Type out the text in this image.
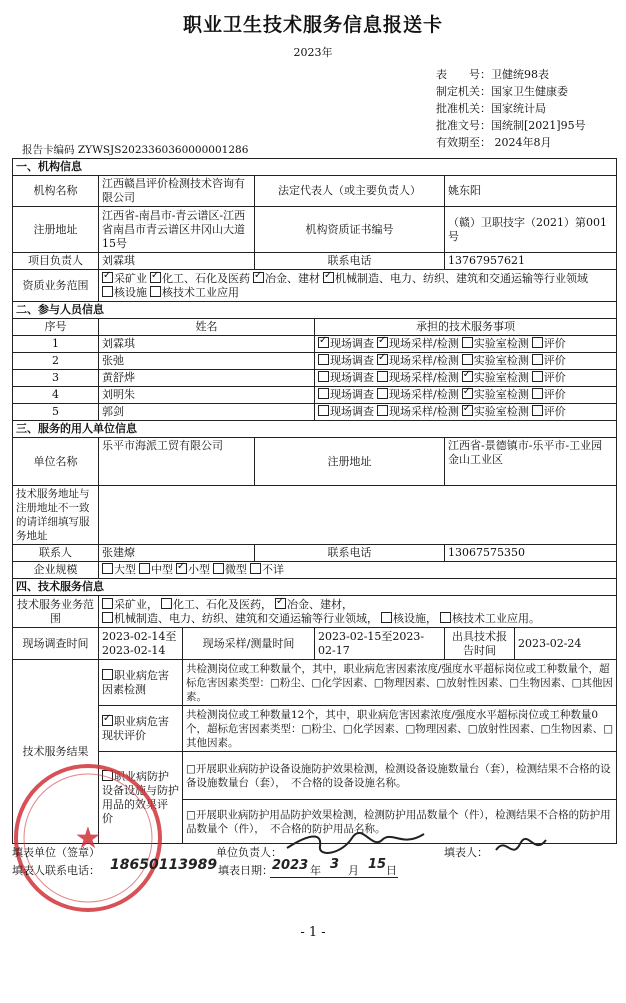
职业卫生技术服务信息报送卡
2023年
表　　号：卫健统98表
制定机关：国家卫生健康委
批准机关：国家统计局
批准文号：国统制[2021]95号
有效期至： 2024年8月
报告卡编码 ZYWSJS2023360360000001286
一、机构信息						
机构名称	江西赣昌评价检测技术咨询有限公司		法定代表人（或主要负责人）		姚东阳	
注册地址	江西省-南昌市-青云谱区-江西省南昌市青云谱区井冈山大道15号		机构资质证书编号		（赣）卫职技字（2021）第001号	
项目负责人	刘霖琪		联系电话		13767957621	
资质业务范围	✓采矿业 ✓ 化工、石化及医药 ✓ 冶金、建材 ✓ 机械制造、电力、纺织、建筑和交通运输等行业领域核设施 核技术工业应用
二、参与人员信息						
序号	姓名			承担的技术服务事项		
1	刘霖琪	✓现场调查 ✓ 现场采样/检测 实验室检测 评价
2	张弛			现场调查 ✓ 现场采样/检测 实验室检测 评价
3	黄舒烨			现场调查 现场采样/检测 ✓ 实验室检测 评价
4	刘明朱			现场调查 现场采样/检测 ✓ 实验室检测 评价
5	郭剑			现场调查 现场采样/检测 ✓ 实验室检测 评价
三、服务的用人单位信息						
单位名称	乐平市海派工贸有限公司		注册地址		江西省-景德镇市-乐平市-工业园金山工业区	
技术服务地址与注册地址不一致的请详细填写服务地址						
联系人	张建燎		联系电话		13067575350	
企业规模	大型 中型 ✓ 小型 微型 不详
四、技术服务信息						
技术服务业务范围	采矿业， 化工、石化及医药， ✓ 冶金、建材，机械制造、电力、纺织、建筑和交通运输等行业领域， 核设施， 核技术工业应用。
现场调查时间	2023-02-14至2023-02-14	现场采样/测量时间		2023-02-15至2023-02-17	出具技术报告时间	2023-02-24
技术服务结果	职业病危害因素检测	共检测岗位或工种数量个，其中，职业病危害因素浓度/强度水平超标岗位或工种数量个，超标危害因素类型：□粉尘、□化学因素、□物理因素、□放射性因素、□生物因素、□其他因素。				
✓职业病危害现状评价	共检测岗位或工种数量12个，其中，职业病危害因素浓度/强度水平超标岗位或工种数量0个，超标危害因素类型：□粉尘、□化学因素、□物理因素、□放射性因素、□生物因素、□其他因素。				
	职业病防护设备设施与防护用品的效果评价	□开展职业病防护设备设施防护效果检测，检测设备设施数量台（套），检测结果不合格的设备设施数量台（套），　不合格的设备设施名称。				
		□开展职业病防护用品防护效果检测，检测防护用品数量个（件），检测结果不合格的防护用品数量个（件），　不合格的防护用品名称。				
★
填表单位（签章）	单位负责人：	填表人：
填表人联系电话： 18650113989 填表日期： 2023 年 3 月 15 日
- 1 -
